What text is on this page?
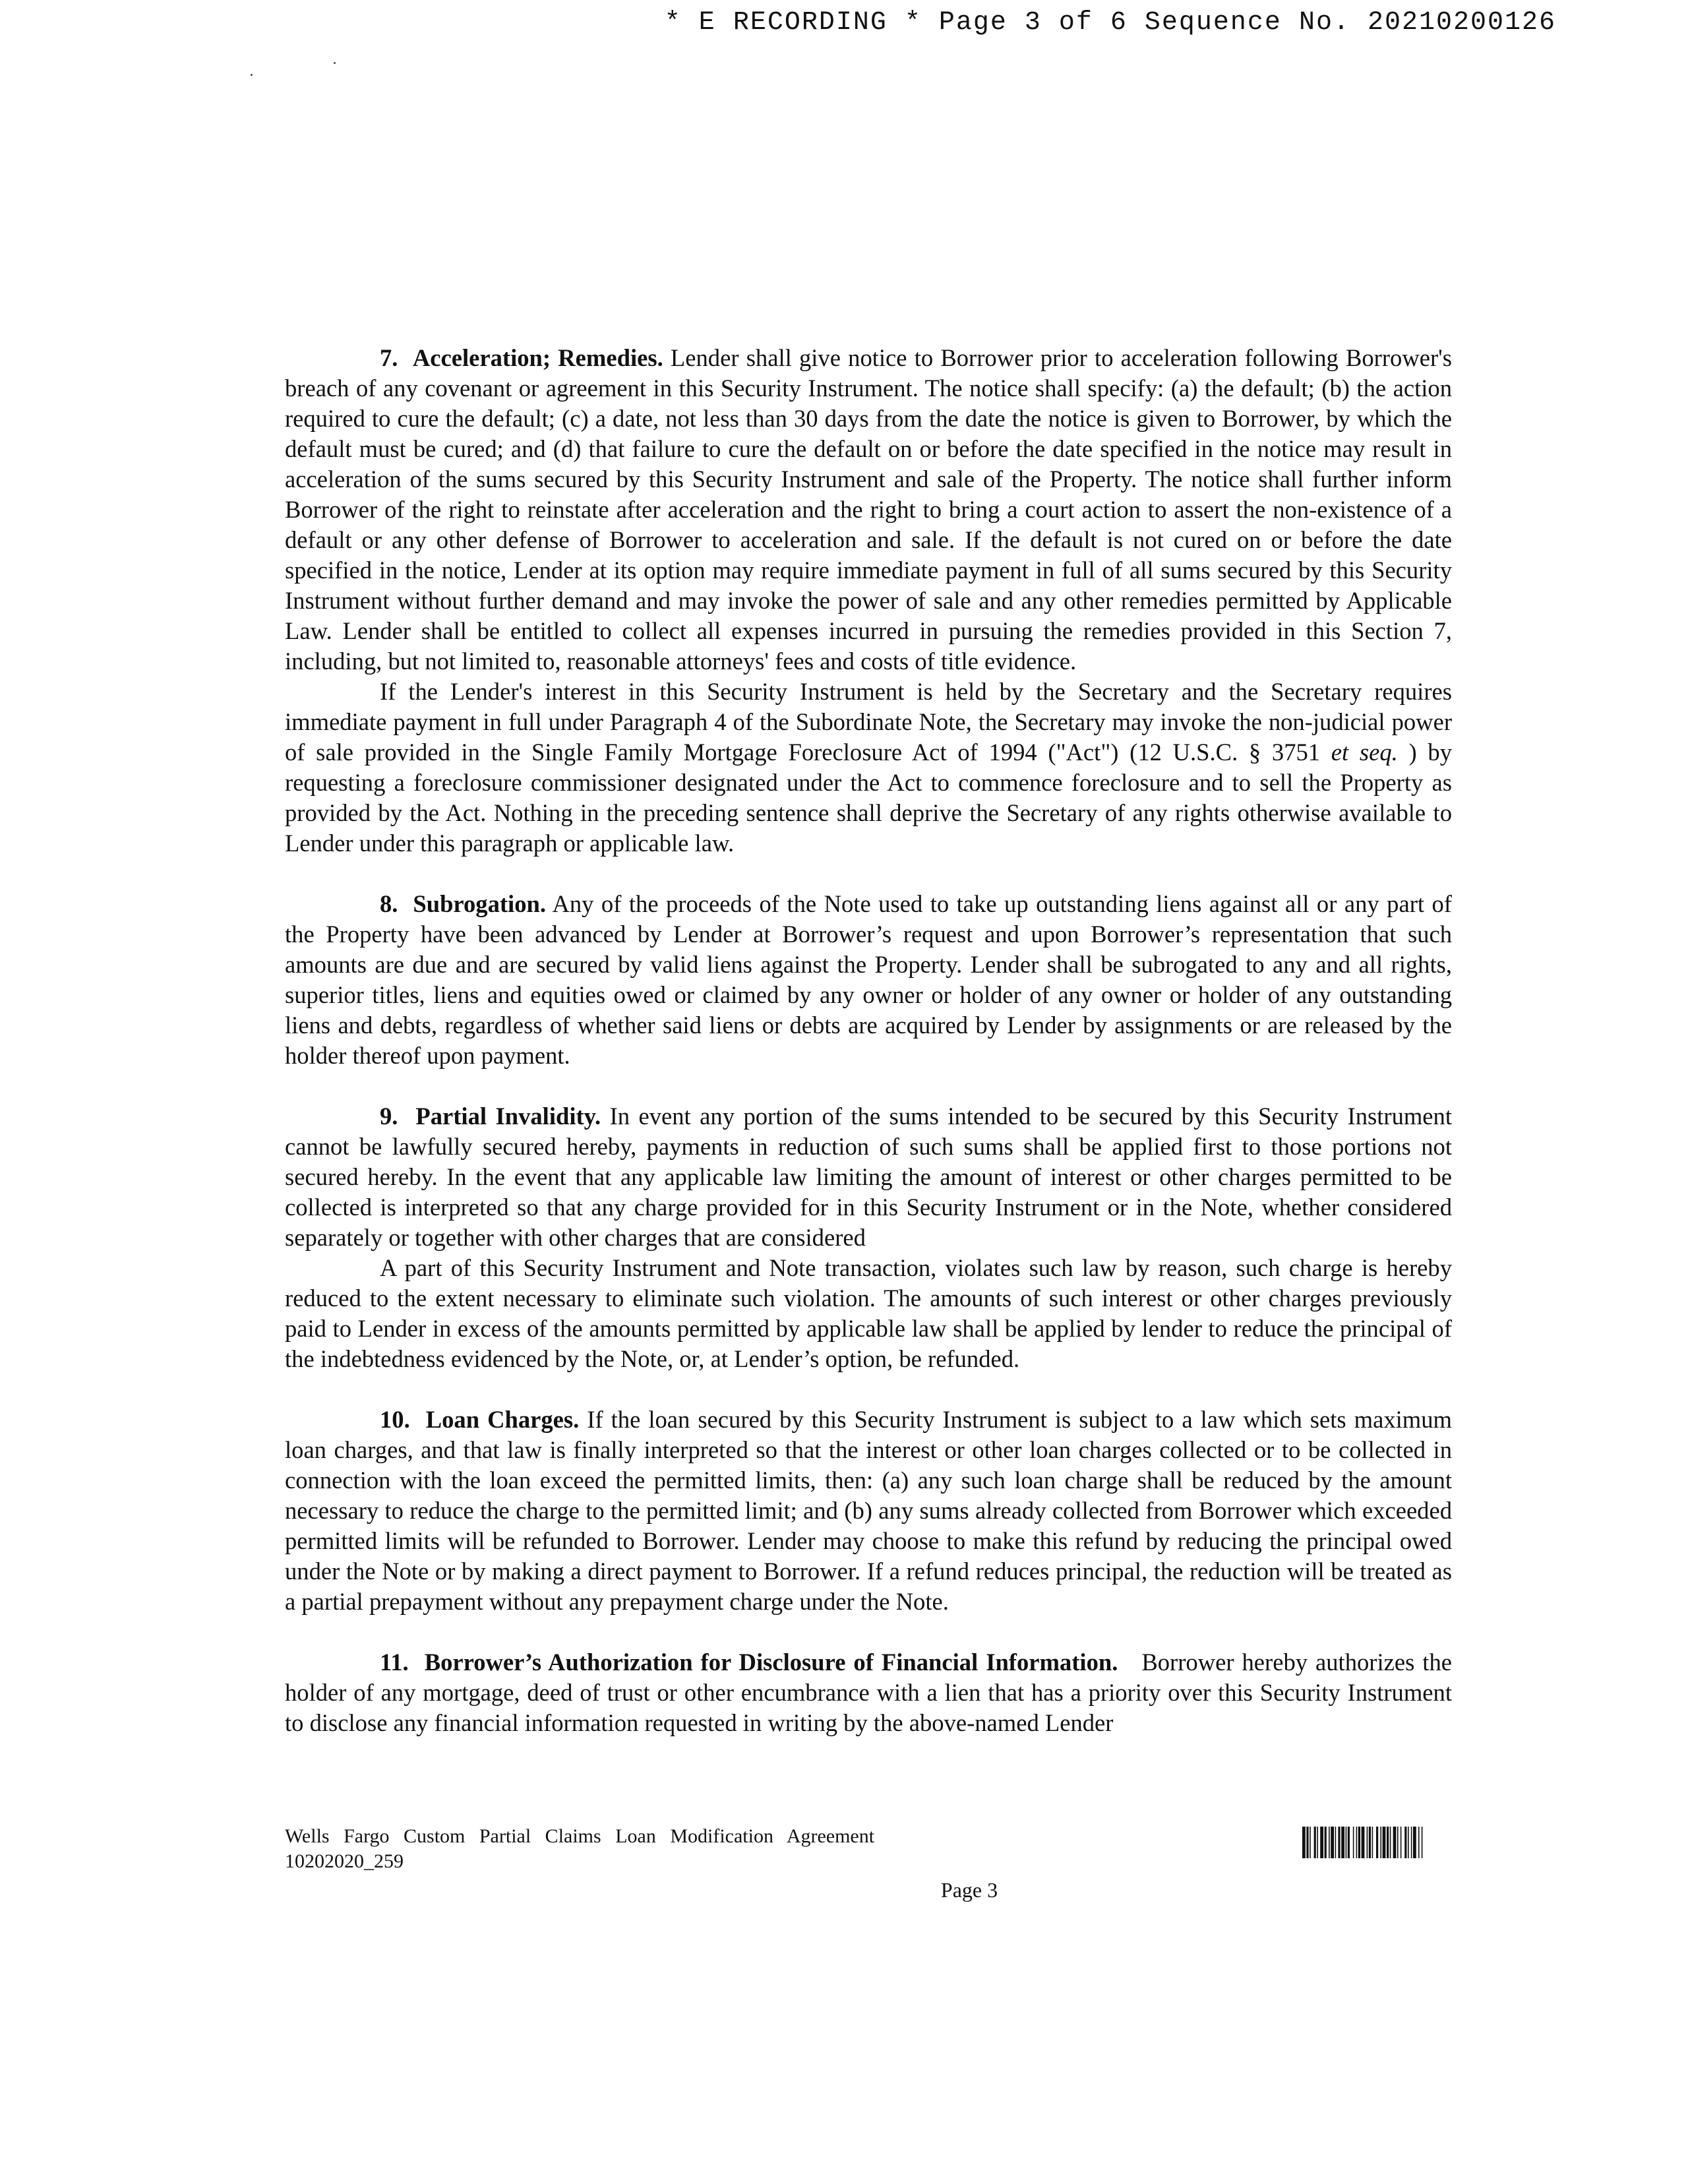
* E RECORDING * Page 3 of 6 Sequence No. 20210200126

7. Acceleration; Remedies. Lender shall give notice to Borrower prior to acceleration following Borrower's breach of any covenant or agreement in this Security Instrument. The notice shall specify: (a) the default; (b) the action required to cure the default; (c) a date, not less than 30 days from the date the notice is given to Borrower, by which the default must be cured; and (d) that failure to cure the default on or before the date specified in the notice may result in acceleration of the sums secured by this Security Instrument and sale of the Property. The notice shall further inform Borrower of the right to reinstate after acceleration and the right to bring a court action to assert the non-existence of a default or any other defense of Borrower to acceleration and sale. If the default is not cured on or before the date specified in the notice, Lender at its option may require immediate payment in full of all sums secured by this Security Instrument without further demand and may invoke the power of sale and any other remedies permitted by Applicable Law. Lender shall be entitled to collect all expenses incurred in pursuing the remedies provided in this Section 7, including, but not limited to, reasonable attorneys' fees and costs of title evidence.

If the Lender's interest in this Security Instrument is held by the Secretary and the Secretary requires immediate payment in full under Paragraph 4 of the Subordinate Note, the Secretary may invoke the non-judicial power of sale provided in the Single Family Mortgage Foreclosure Act of 1994 ("Act") (12 U.S.C. § 3751 et seq. ) by requesting a foreclosure commissioner designated under the Act to commence foreclosure and to sell the Property as provided by the Act. Nothing in the preceding sentence shall deprive the Secretary of any rights otherwise available to Lender under this paragraph or applicable law.

8. Subrogation. Any of the proceeds of the Note used to take up outstanding liens against all or any part of the Property have been advanced by Lender at Borrower’s request and upon Borrower’s representation that such amounts are due and are secured by valid liens against the Property. Lender shall be subrogated to any and all rights, superior titles, liens and equities owed or claimed by any owner or holder of any owner or holder of any outstanding liens and debts, regardless of whether said liens or debts are acquired by Lender by assignments or are released by the holder thereof upon payment.

9. Partial Invalidity. In event any portion of the sums intended to be secured by this Security Instrument cannot be lawfully secured hereby, payments in reduction of such sums shall be applied first to those portions not secured hereby. In the event that any applicable law limiting the amount of interest or other charges permitted to be collected is interpreted so that any charge provided for in this Security Instrument or in the Note, whether considered separately or together with other charges that are considered

A part of this Security Instrument and Note transaction, violates such law by reason, such charge is hereby reduced to the extent necessary to eliminate such violation. The amounts of such interest or other charges previously paid to Lender in excess of the amounts permitted by applicable law shall be applied by lender to reduce the principal of the indebtedness evidenced by the Note, or, at Lender’s option, be refunded.

10. Loan Charges. If the loan secured by this Security Instrument is subject to a law which sets maximum loan charges, and that law is finally interpreted so that the interest or other loan charges collected or to be collected in connection with the loan exceed the permitted limits, then: (a) any such loan charge shall be reduced by the amount necessary to reduce the charge to the permitted limit; and (b) any sums already collected from Borrower which exceeded permitted limits will be refunded to Borrower. Lender may choose to make this refund by reducing the principal owed under the Note or by making a direct payment to Borrower. If a refund reduces principal, the reduction will be treated as a partial prepayment without any prepayment charge under the Note.

11. Borrower’s Authorization for Disclosure of Financial Information. Borrower hereby authorizes the holder of any mortgage, deed of trust or other encumbrance with a lien that has a priority over this Security Instrument to disclose any financial information requested in writing by the above-named Lender

Wells Fargo Custom Partial Claims Loan Modification Agreement
10202020_259
Page 3
